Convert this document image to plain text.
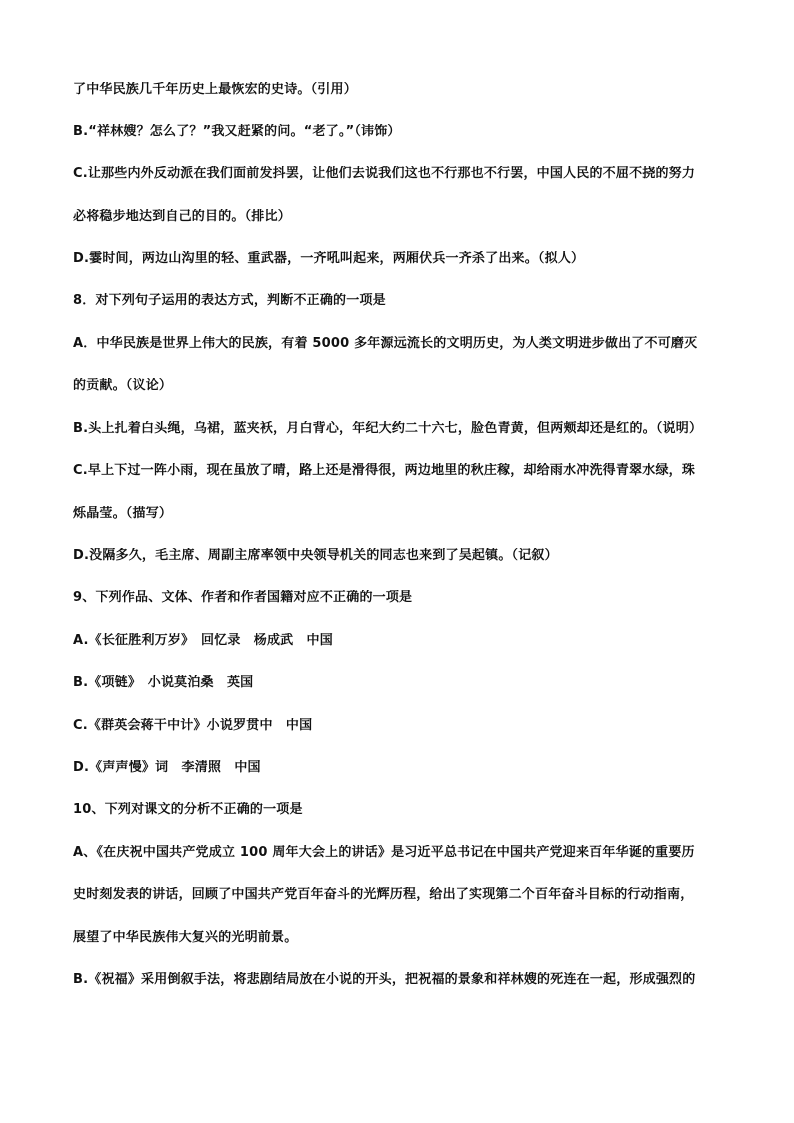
了中华民族几千年历史上最恢宏的史诗。（引用）
B.“祥林嫂？怎么了？”我又赶紧的问。“老了。”（讳饰）
C.让那些内外反动派在我们面前发抖罢，让他们去说我们这也不行那也不行罢，中国人民的不屈不挠的努力
必将稳步地达到自己的目的。（排比）
D.霎时间，两边山沟里的轻、重武器，一齐吼叫起来，两厢伏兵一齐杀了出来。（拟人）
8．对下列句子运用的表达方式，判断不正确的一项是
A．中华民族是世界上伟大的民族，有着 5000 多年源远流长的文明历史，为人类文明进步做出了不可磨灭
的贡献。（议论）
B.头上扎着白头绳，乌裙，蓝夹袄，月白背心，年纪大约二十六七，脸色青黄，但两颊却还是红的。（说明）
C.早上下过一阵小雨，现在虽放了晴，路上还是滑得很，两边地里的秋庄稼，却给雨水冲洗得青翠水绿，珠
烁晶莹。（描写）
D.没隔多久，毛主席、周副主席率领中央领导机关的同志也来到了吴起镇。（记叙）
9、下列作品、文体、作者和作者国籍对应不正确的一项是
A.《长征胜利万岁》　回忆录　杨成武　中国
B.《项链》　小说莫泊桑　英国
C.《群英会蒋干中计》小说罗贯中　中国
D.《声声慢》词　李清照　中国
10、下列对课文的分析不正确的一项是
A、《在庆祝中国共产党成立 100 周年大会上的讲话》是习近平总书记在中国共产党迎来百年华诞的重要历
史时刻发表的讲话，回顾了中国共产党百年奋斗的光辉历程，给出了实现第二个百年奋斗目标的行动指南，
展望了中华民族伟大复兴的光明前景。
B.《祝福》采用倒叙手法，将悲剧结局放在小说的开头，把祝福的景象和祥林嫂的死连在一起，形成强烈的
